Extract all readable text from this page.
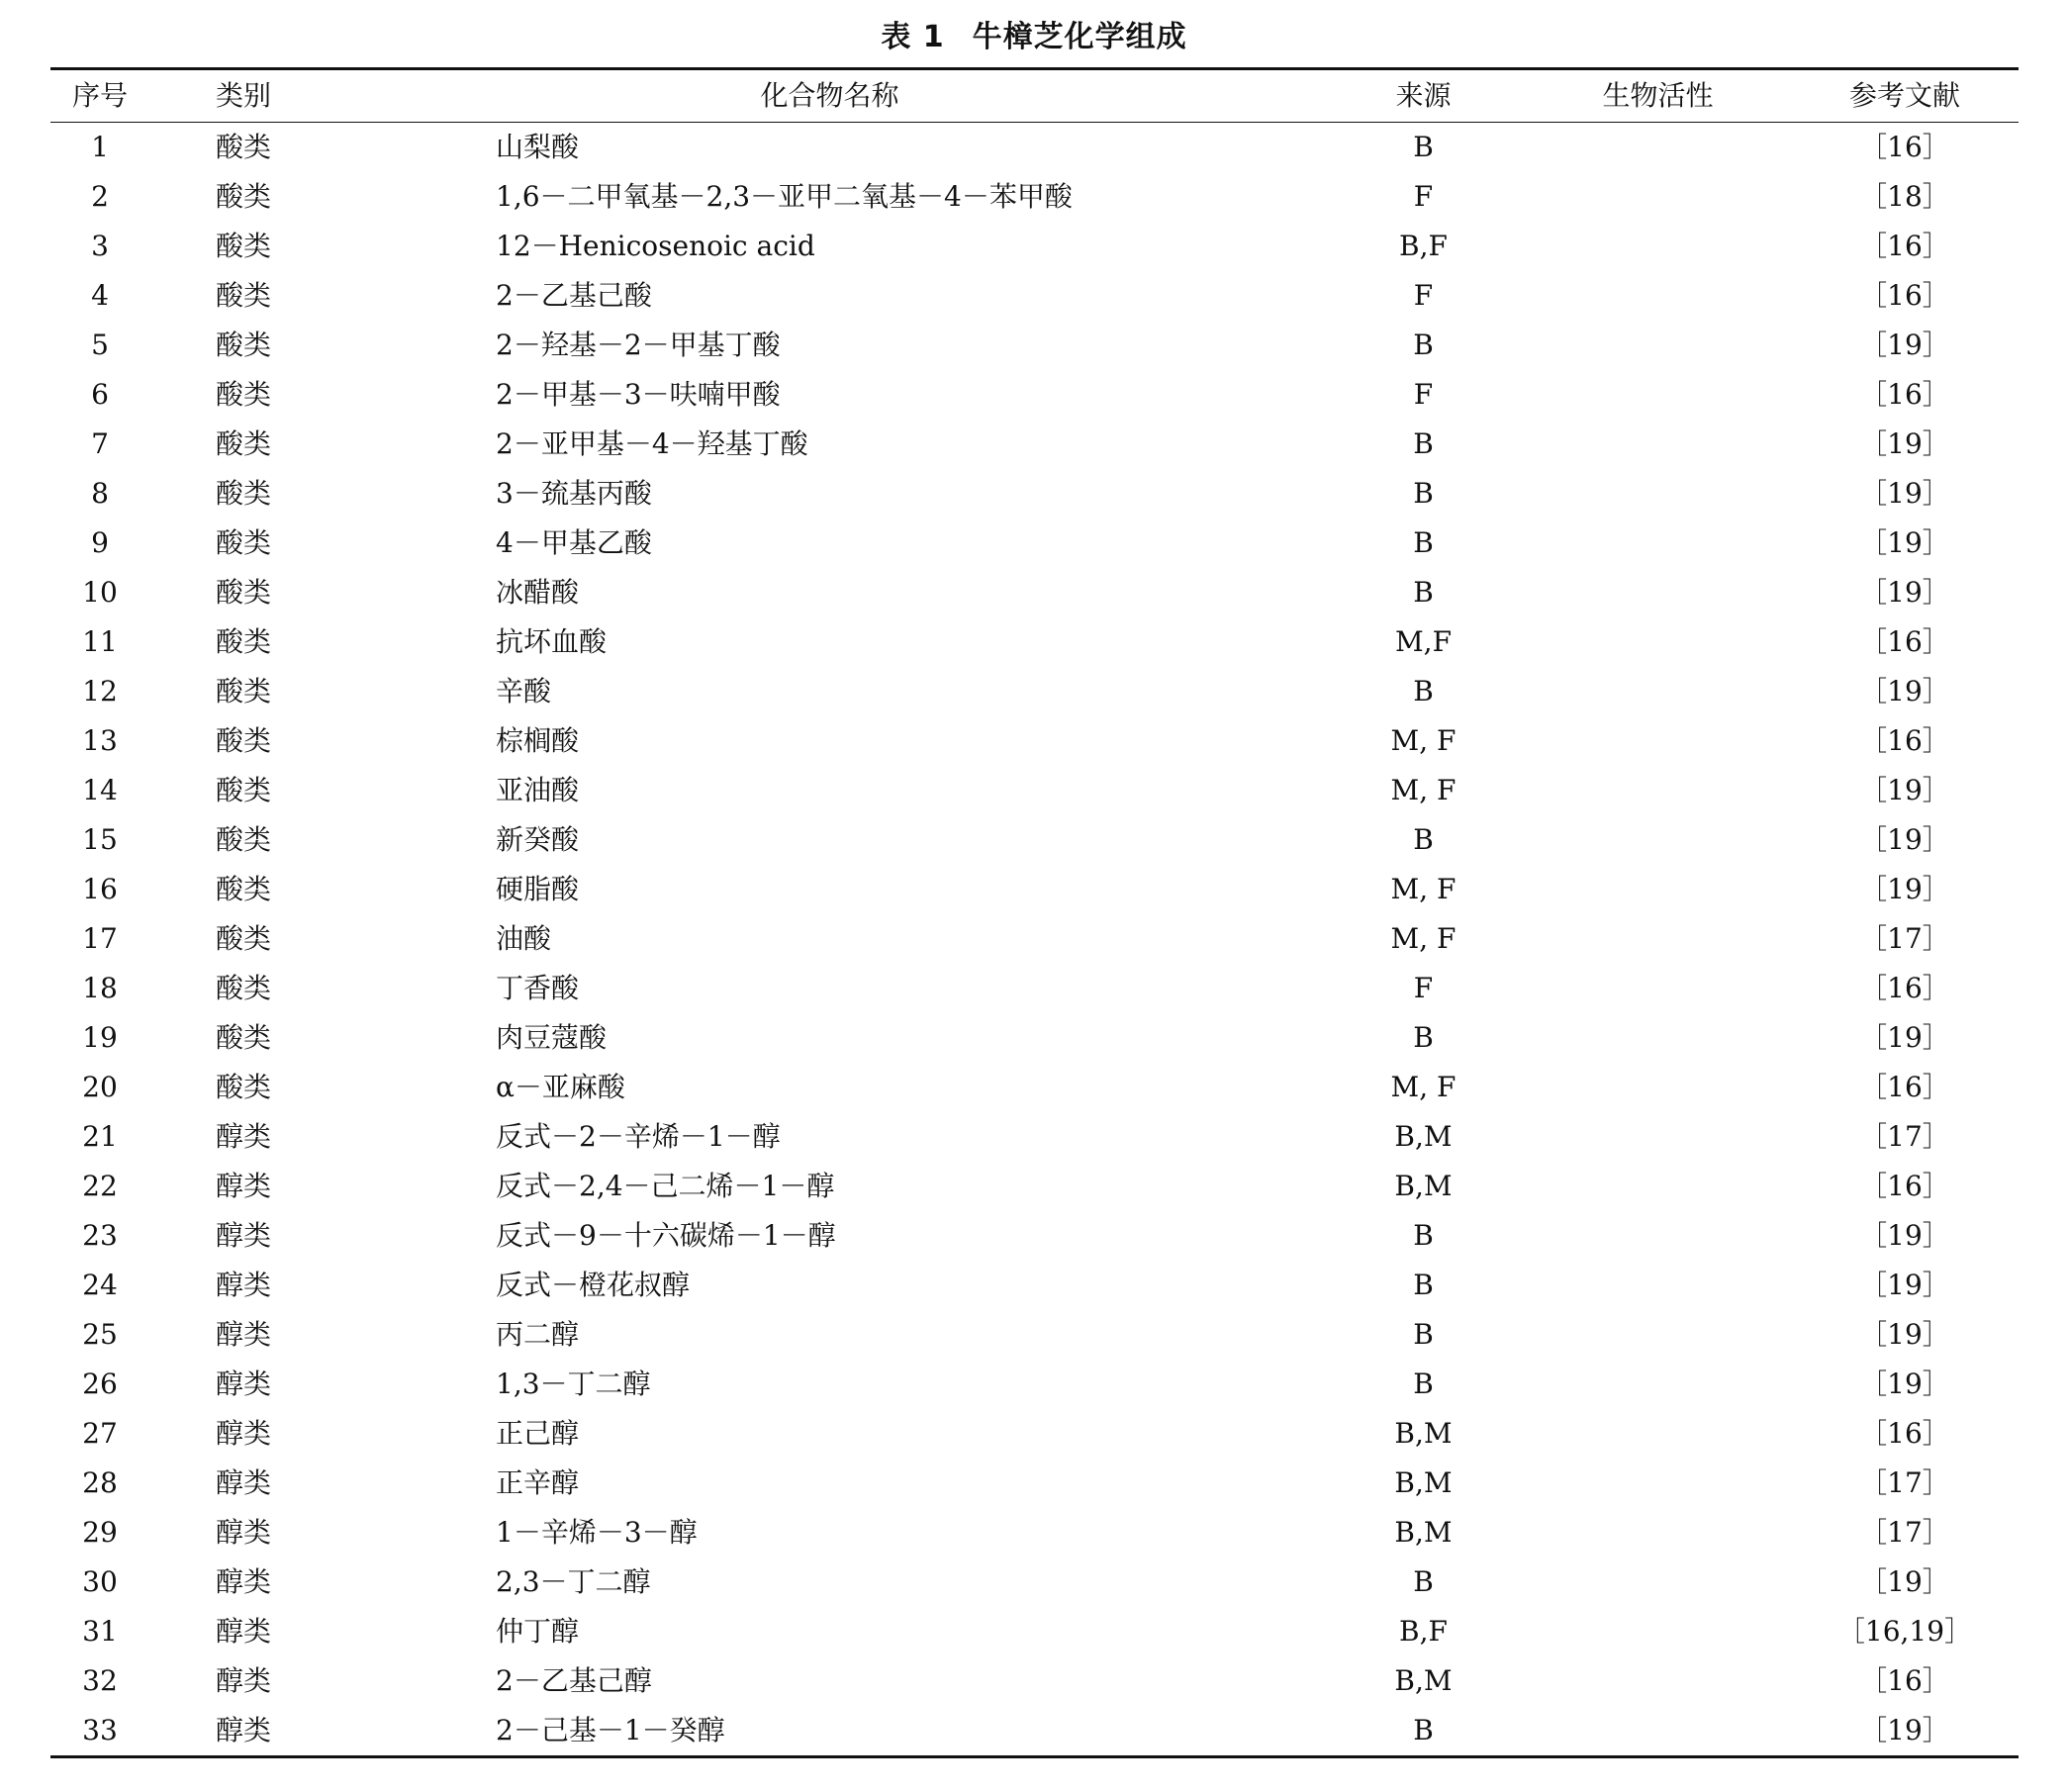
表 1 牛樟芝化学组成
序号	类别	化合物名称	来源	生物活性	参考文献
1	酸类	山梨酸	B		［16］
2	酸类	1,6－二甲氧基－2,3－亚甲二氧基－4－苯甲酸	F		［18］
3	酸类	12－Henicosenoic acid	B,F		［16］
4	酸类	2－乙基己酸	F		［16］
5	酸类	2－羟基－2－甲基丁酸	B		［19］
6	酸类	2－甲基－3－呋喃甲酸	F		［16］
7	酸类	2－亚甲基－4－羟基丁酸	B		［19］
8	酸类	3－巯基丙酸	B		［19］
9	酸类	4－甲基乙酸	B		［19］
10	酸类	冰醋酸	B		［19］
11	酸类	抗坏血酸	M,F		［16］
12	酸类	辛酸	B		［19］
13	酸类	棕榈酸	M, F		［16］
14	酸类	亚油酸	M, F		［19］
15	酸类	新癸酸	B		［19］
16	酸类	硬脂酸	M, F		［19］
17	酸类	油酸	M, F		［17］
18	酸类	丁香酸	F		［16］
19	酸类	肉豆蔻酸	B		［19］
20	酸类	α－亚麻酸	M, F		［16］
21	醇类	反式－2－辛烯－1－醇	B,M		［17］
22	醇类	反式－2,4－己二烯－1－醇	B,M		［16］
23	醇类	反式－9－十六碳烯－1－醇	B		［19］
24	醇类	反式－橙花叔醇	B		［19］
25	醇类	丙二醇	B		［19］
26	醇类	1,3－丁二醇	B		［19］
27	醇类	正己醇	B,M		［16］
28	醇类	正辛醇	B,M		［17］
29	醇类	1－辛烯－3－醇	B,M		［17］
30	醇类	2,3－丁二醇	B		［19］
31	醇类	仲丁醇	B,F		［16,19］
32	醇类	2－乙基己醇	B,M		［16］
33	醇类	2－己基－1－癸醇	B		［19］
